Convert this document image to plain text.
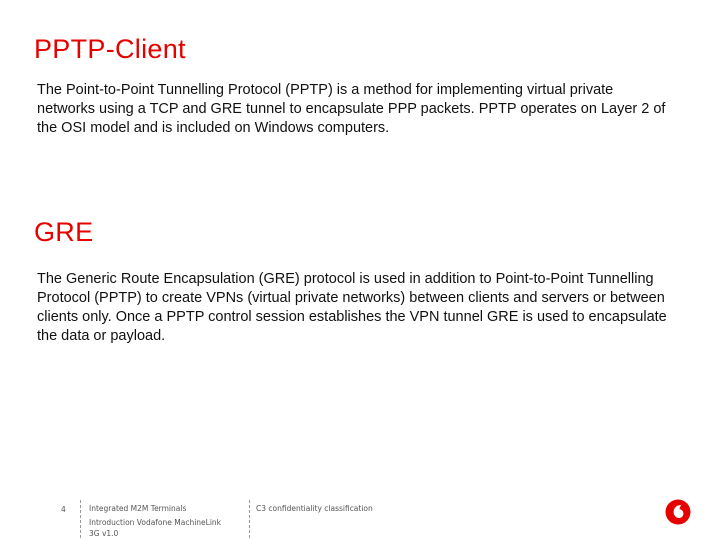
PPTP-Client

The Point-to-Point Tunnelling Protocol (PPTP) is a method for implementing virtual private networks using a TCP and GRE tunnel to encapsulate PPP packets. PPTP operates on Layer 2 of the OSI model and is included on Windows computers.

GRE

The Generic Route Encapsulation (GRE) protocol is used in addition to Point-to-Point Tunnelling Protocol (PPTP) to create VPNs (virtual private networks) between clients and servers or between clients only. Once a PPTP control session establishes the VPN tunnel GRE is used to encapsulate the data or payload.

4	Integrated M2M Terminals
Introduction Vodafone MachineLink
3G v1.0
C3 confidentiality classification
